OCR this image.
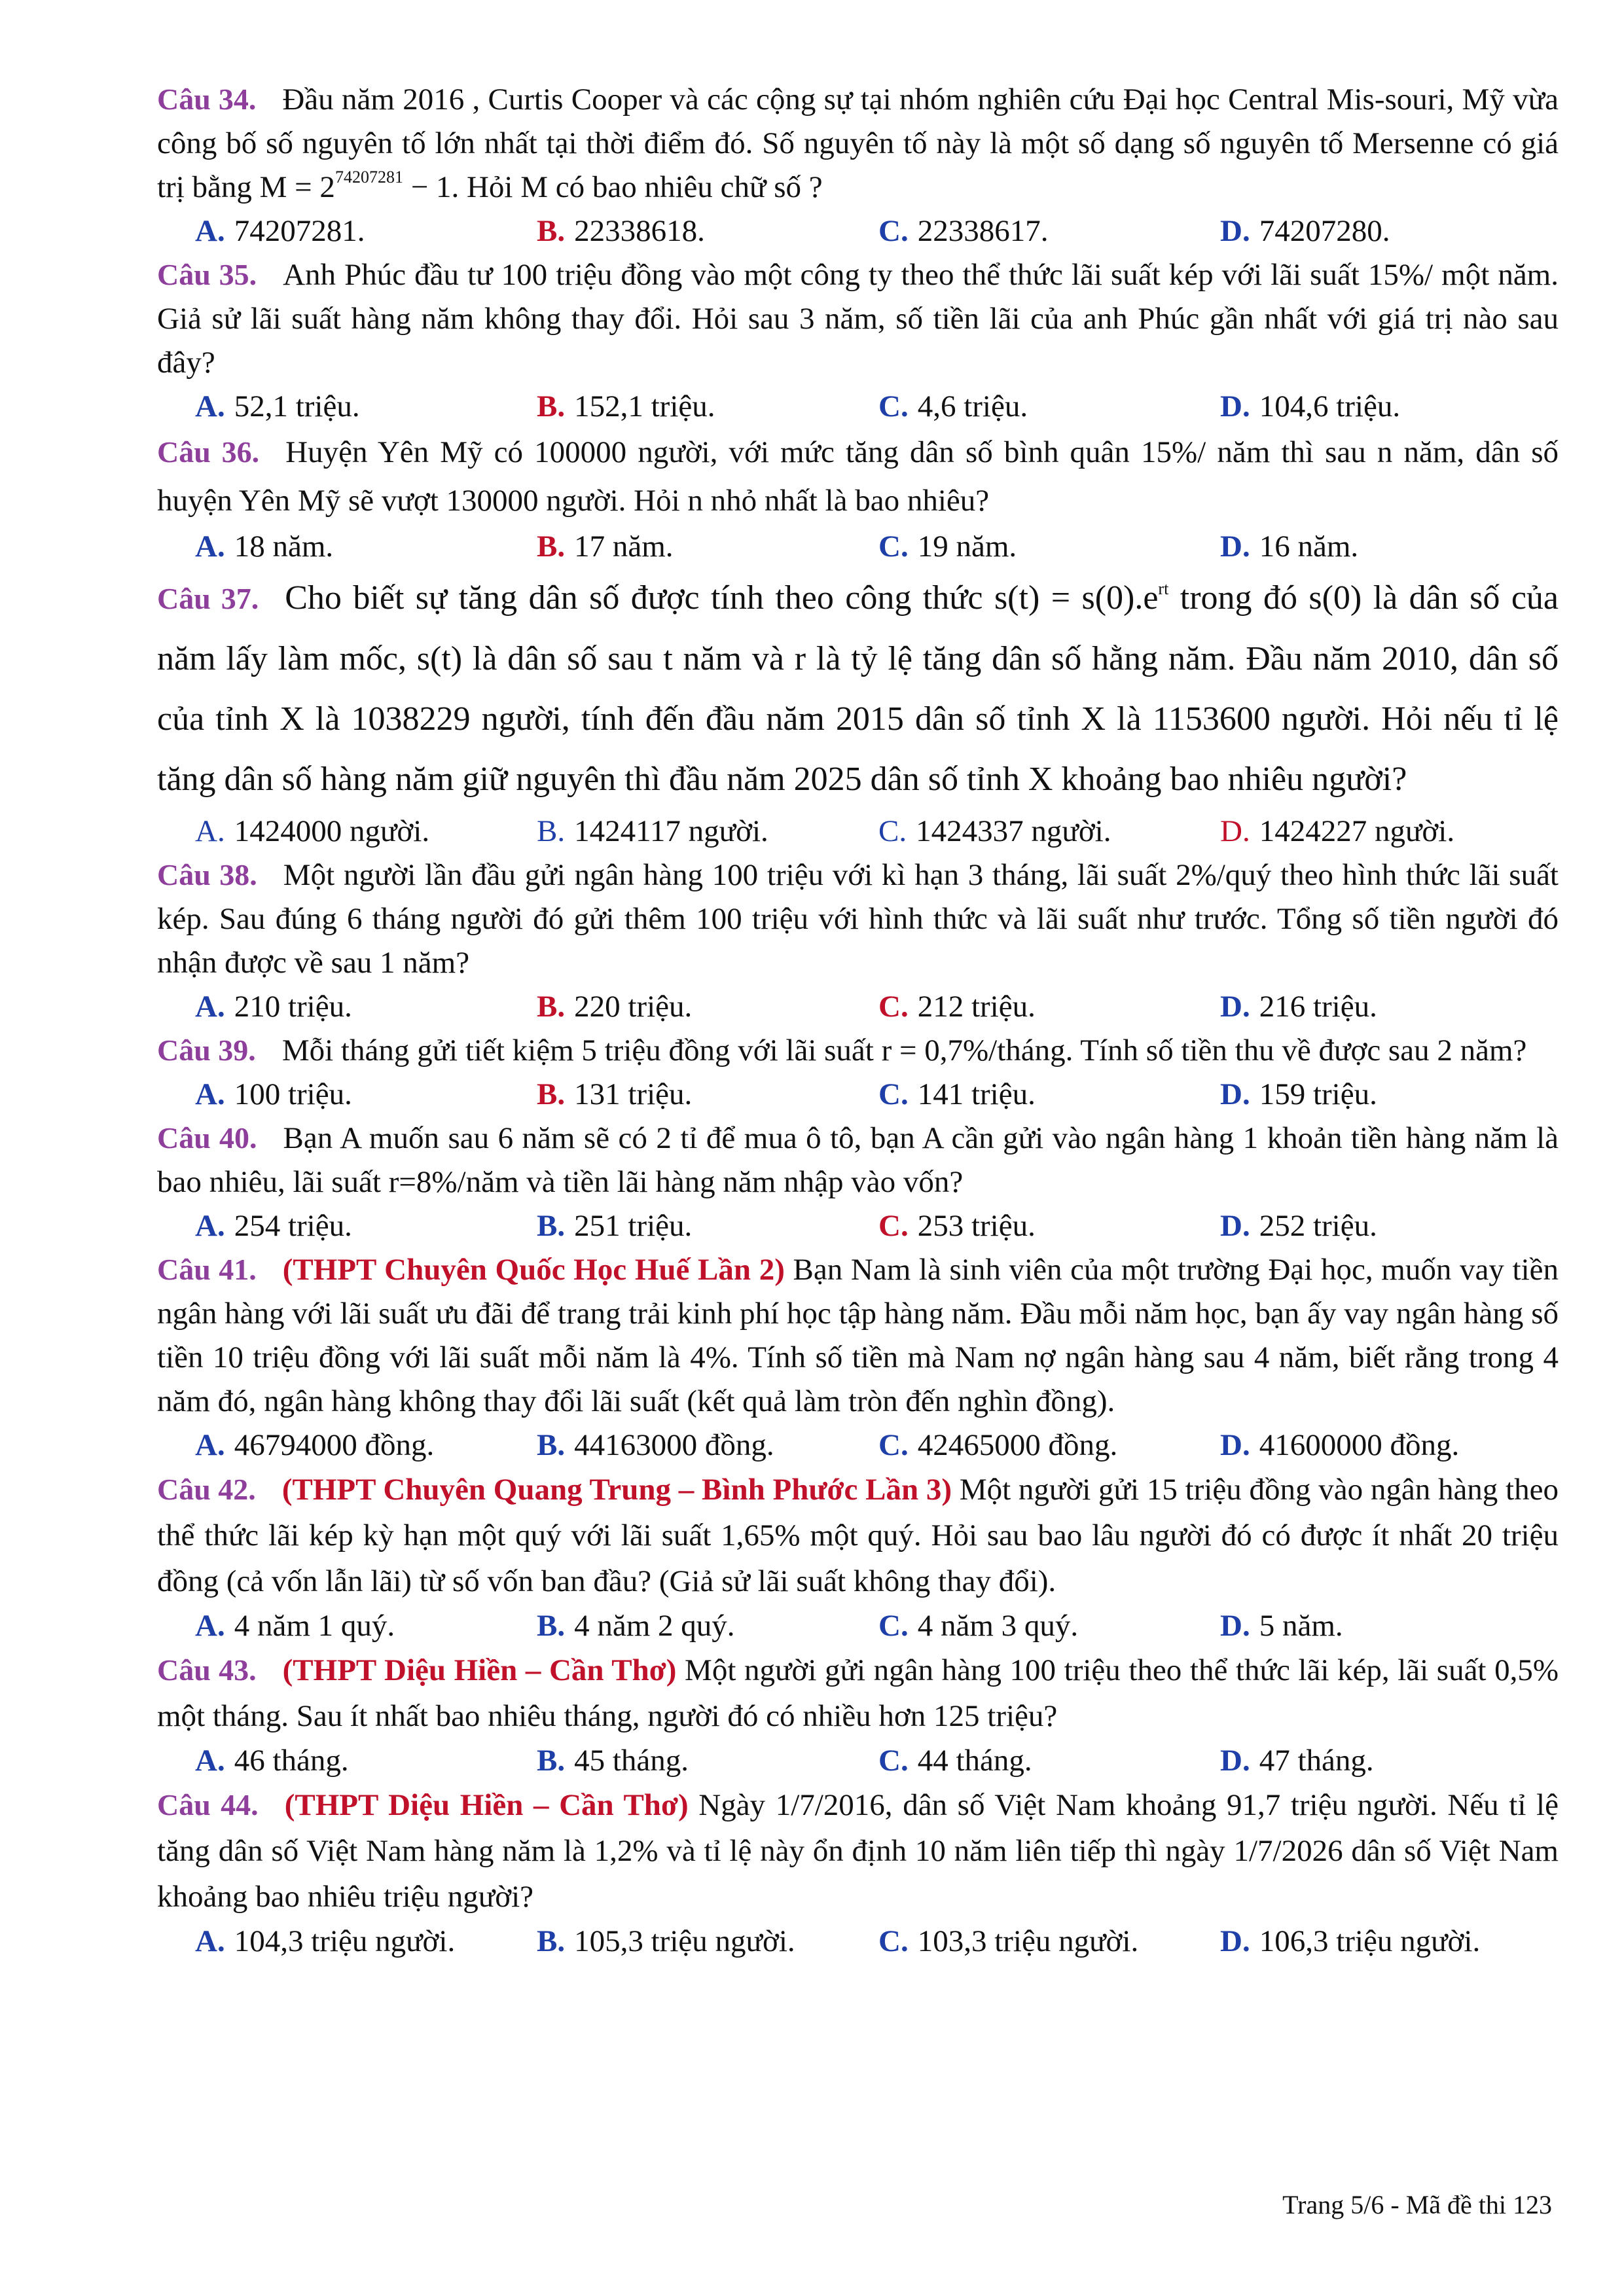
Câu 34. Đầu năm 2016 , Curtis Cooper và các cộng sự tại nhóm nghiên cứu Đại học Central Mis-souri, Mỹ vừa công bố số nguyên tố lớn nhất tại thời điểm đó. Số nguyên tố này là một số dạng số nguyên tố Mersenne có giá trị bằng $M = 2^{74207281} - 1$. Hỏi M có bao nhiêu chữ số ?

A. 74207281.	B. 22338618.	C. 22338617.	D. 74207280.

Câu 35. Anh Phúc đầu tư 100 triệu đồng vào một công ty theo thể thức lãi suất kép với lãi suất 15%/ một năm. Giả sử lãi suất hàng năm không thay đổi. Hỏi sau 3 năm, số tiền lãi của anh Phúc gần nhất với giá trị nào sau đây?

A. 52,1 triệu.	B. 152,1 triệu.	C. 4,6 triệu.	D. 104,6 triệu.

Câu 36. Huyện Yên Mỹ có 100000 người, với mức tăng dân số bình quân 15%/ năm thì sau n năm, dân số huyện Yên Mỹ sẽ vượt 130000 người. Hỏi n nhỏ nhất là bao nhiêu?

A. 18 năm.	B. 17 năm.	C. 19 năm.	D. 16 năm.

Câu 37. Cho biết sự tăng dân số được tính theo công thức $s(t) = s(0).e^{rt}$ trong đó s(0) là dân số của năm lấy làm mốc, s(t) là dân số sau t năm và r là tỷ lệ tăng dân số hằng năm. Đầu năm 2010, dân số của tỉnh X là 1038229 người, tính đến đầu năm 2015 dân số tỉnh X là 1153600 người. Hỏi nếu tỉ lệ tăng dân số hàng năm giữ nguyên thì đầu năm 2025 dân số tỉnh X khoảng bao nhiêu người?

A. 1424000 người.	B. 1424117 người.	C. 1424337 người.	D. 1424227 người.

Câu 38. Một người lần đầu gửi ngân hàng 100 triệu với kì hạn 3 tháng, lãi suất 2%/quý theo hình thức lãi suất kép. Sau đúng 6 tháng người đó gửi thêm 100 triệu với hình thức và lãi suất như trước. Tổng số tiền người đó nhận được về sau 1 năm?

A. 210 triệu.	B. 220 triệu.	C. 212 triệu.	D. 216 triệu.

Câu 39. Mỗi tháng gửi tiết kiệm 5 triệu đồng với lãi suất r = 0,7%/tháng. Tính số tiền thu về được sau 2 năm?

A. 100 triệu.	B. 131 triệu.	C. 141 triệu.	D. 159 triệu.

Câu 40. Bạn A muốn sau 6 năm sẽ có 2 tỉ để mua ô tô, bạn A cần gửi vào ngân hàng 1 khoản tiền hàng năm là bao nhiêu, lãi suất r=8%/năm và tiền lãi hàng năm nhập vào vốn?

A. 254 triệu.	B. 251 triệu.	C. 253 triệu.	D. 252 triệu.

Câu 41. (THPT Chuyên Quốc Học Huế Lần 2) Bạn Nam là sinh viên của một trường Đại học, muốn vay tiền ngân hàng với lãi suất ưu đãi để trang trải kinh phí học tập hàng năm. Đầu mỗi năm học, bạn ấy vay ngân hàng số tiền 10 triệu đồng với lãi suất mỗi năm là 4%. Tính số tiền mà Nam nợ ngân hàng sau 4 năm, biết rằng trong 4 năm đó, ngân hàng không thay đổi lãi suất (kết quả làm tròn đến nghìn đồng).

A. 46794000 đồng.	B. 44163000 đồng.	C. 42465000 đồng.	D. 41600000 đồng.

Câu 42. (THPT Chuyên Quang Trung – Bình Phước Lần 3) Một người gửi 15 triệu đồng vào ngân hàng theo thể thức lãi kép kỳ hạn một quý với lãi suất 1,65% một quý. Hỏi sau bao lâu người đó có được ít nhất 20 triệu đồng (cả vốn lẫn lãi) từ số vốn ban đầu? (Giả sử lãi suất không thay đổi).

A. 4 năm 1 quý.	B. 4 năm 2 quý.	C. 4 năm 3 quý.	D. 5 năm.

Câu 43. (THPT Diệu Hiền – Cần Thơ) Một người gửi ngân hàng 100 triệu theo thể thức lãi kép, lãi suất 0,5% một tháng. Sau ít nhất bao nhiêu tháng, người đó có nhiều hơn 125 triệu?

A. 46 tháng.	B. 45 tháng.	C. 44 tháng.	D. 47 tháng.

Câu 44. (THPT Diệu Hiền – Cần Thơ) Ngày 1/7/2016, dân số Việt Nam khoảng 91,7 triệu người. Nếu tỉ lệ tăng dân số Việt Nam hàng năm là 1,2% và tỉ lệ này ổn định 10 năm liên tiếp thì ngày 1/7/2026 dân số Việt Nam khoảng bao nhiêu triệu người?

A. 104,3 triệu người.	B. 105,3 triệu người.	C. 103,3 triệu người.	D. 106,3 triệu người.
Trang 5/6 - Mã đề thi 123
